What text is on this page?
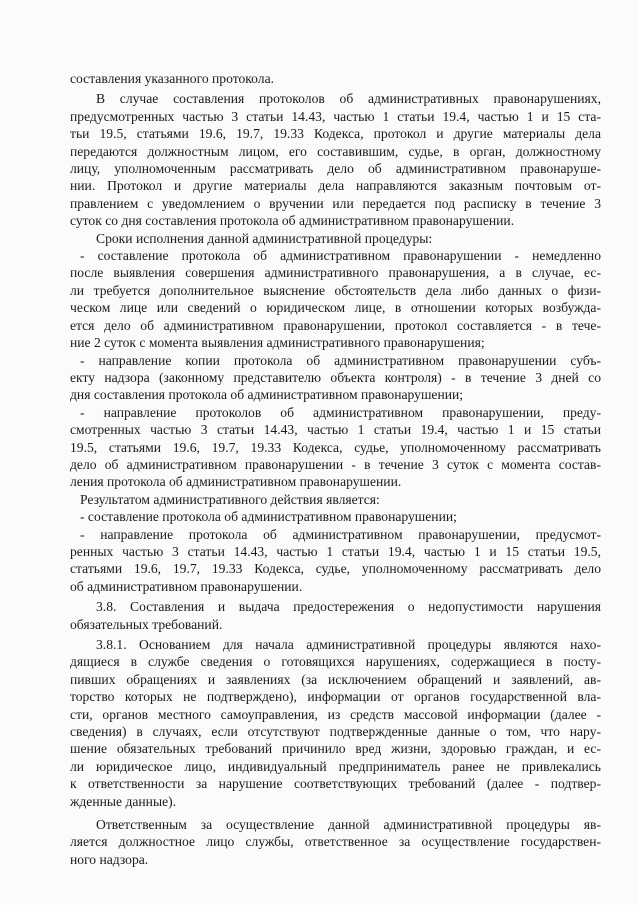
составления указанного протокола.
В случае составления протоколов об административных правонарушениях,
предусмотренных частью 3 статьи 14.43, частью 1 статьи 19.4, частью 1 и 15 ста-
тьи 19.5, статьями 19.6, 19.7, 19.33 Кодекса, протокол и другие материалы дела
передаются должностным лицом, его составившим, судье, в орган, должностному
лицу, уполномоченным рассматривать дело об административном правонаруше-
нии. Протокол и другие материалы дела направляются заказным почтовым от-
правлением с уведомлением о вручении или передается под расписку в течение 3
суток со дня составления протокола об административном правонарушении.
Сроки исполнения данной административной процедуры:
- составление протокола об административном правонарушении - немедленно
после выявления совершения административного правонарушения, а в случае, ес-
ли требуется дополнительное выяснение обстоятельств дела либо данных о физи-
ческом лице или сведений о юридическом лице, в отношении которых возбужда-
ется дело об административном правонарушении, протокол составляется - в тече-
ние 2 суток с момента выявления административного правонарушения;
- направление копии протокола об административном правонарушении субъ-
екту надзора (законному представителю объекта контроля) - в течение 3 дней со
дня составления протокола об административном правонарушении;
- направление протоколов об административном правонарушении, преду-
смотренных частью 3 статьи 14.43, частью 1 статьи 19.4, частью 1 и 15 статьи
19.5, статьями 19.6, 19.7, 19.33 Кодекса, судье, уполномоченному рассматривать
дело об административном правонарушении - в течение 3 суток с момента состав-
ления протокола об административном правонарушении.
Результатом административного действия является:
- составление протокола об административном правонарушении;
- направление протокола об административном правонарушении, предусмот-
ренных частью 3 статьи 14.43, частью 1 статьи 19.4, частью 1 и 15 статьи 19.5,
статьями 19.6, 19.7, 19.33 Кодекса, судье, уполномоченному рассматривать дело
об административном правонарушении.
3.8. Составления и выдача предостережения о недопустимости нарушения
обязательных требований.
3.8.1. Основанием для начала административной процедуры являются нахо-
дящиеся в службе сведения о готовящихся нарушениях, содержащиеся в посту-
пивших обращениях и заявлениях (за исключением обращений и заявлений, ав-
торство которых не подтверждено), информации от органов государственной вла-
сти, органов местного самоуправления, из средств массовой информации (далее -
сведения) в случаях, если отсутствуют подтвержденные данные о том, что нару-
шение обязательных требований причинило вред жизни, здоровью граждан, и ес-
ли юридическое лицо, индивидуальный предприниматель ранее не привлекались
к ответственности за нарушение соответствующих требований (далее - подтвер-
жденные данные).
Ответственным за осуществление данной административной процедуры яв-
ляется должностное лицо службы, ответственное за осуществление государствен-
ного надзора.
